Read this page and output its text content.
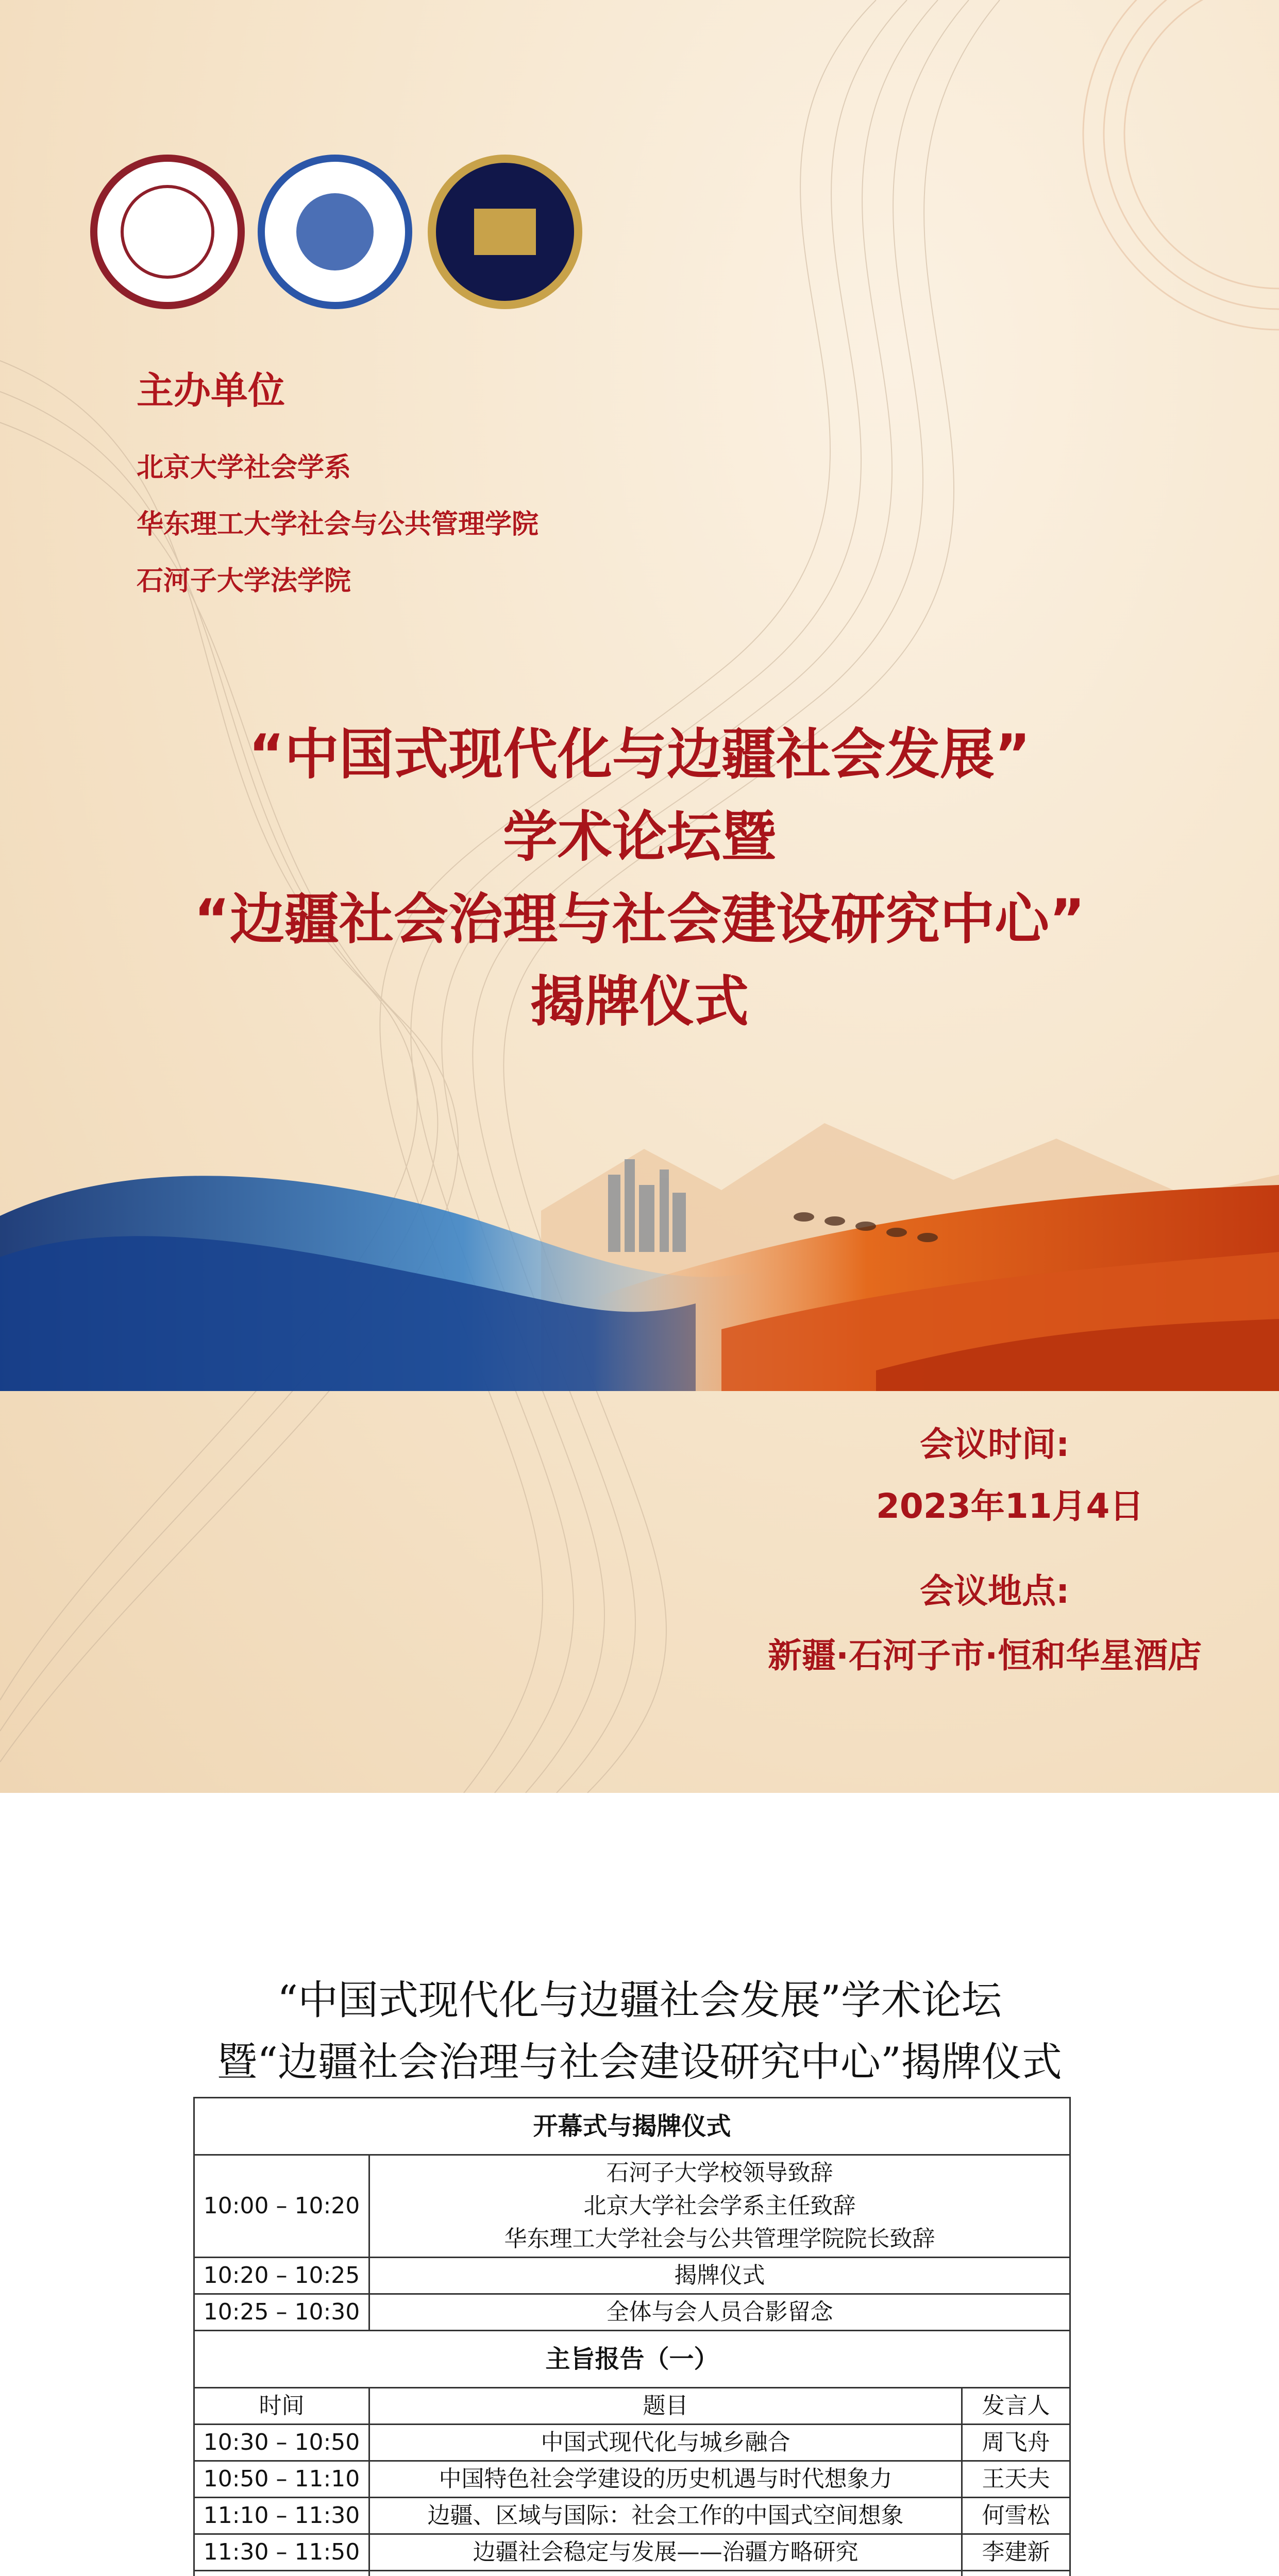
主办单位
北京大学社会学系
华东理工大学社会与公共管理学院
石河子大学法学院
“中国式现代化与边疆社会发展”
学术论坛暨
“边疆社会治理与社会建设研究中心”
揭牌仪式
会议时间:
2023年11月4日
会议地点:
新疆·石河子市·恒和华星酒店
“中国式现代化与边疆社会发展”学术论坛
暨“边疆社会治理与社会建设研究中心”揭牌仪式
开幕式与揭牌仪式		
10:00 – 10:20	石河子大学校领导致辞
北京大学社会学系主任致辞
华东理工大学社会与公共管理学院院长致辞	

10:20 – 10:25	揭牌仪式	

10:25 – 10:30	全体与会人员合影留念	

主旨报告（一）		
时间	题目	发言人
10:30 – 10:50	中国式现代化与城乡融合	周飞舟
10:50 – 11:10	中国特色社会学建设的历史机遇与时代想象力	王天夫
11:10 – 11:30	边疆、区域与国际：社会工作的中国式空间想象	何雪松
11:30 – 11:50	边疆社会稳定与发展——治疆方略研究	李建新
